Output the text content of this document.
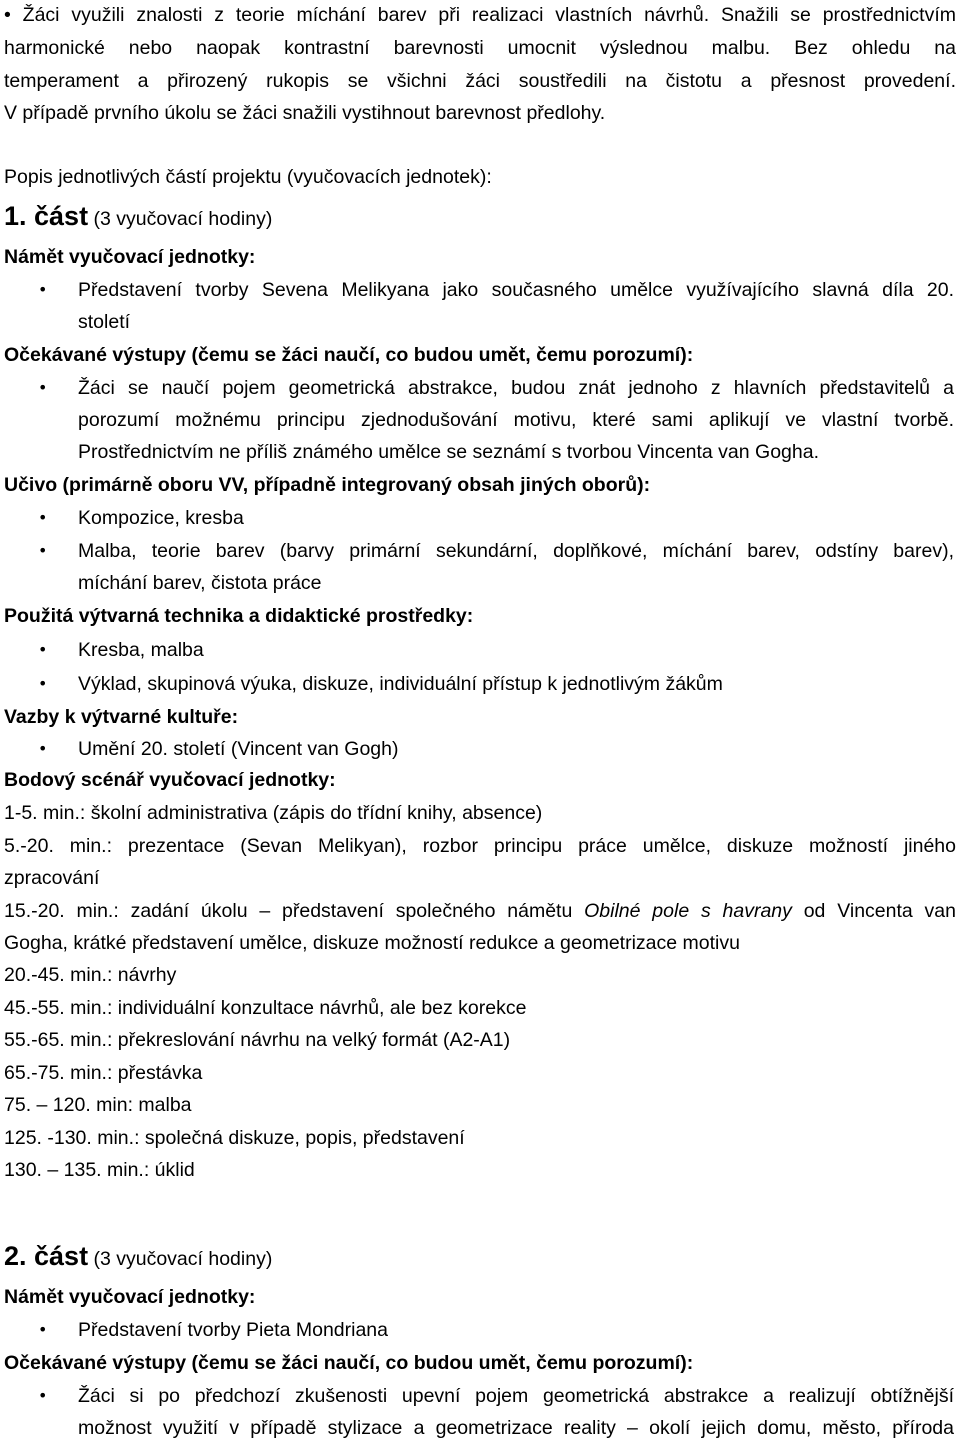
• Žáci využili znalosti z teorie míchání barev při realizaci vlastních návrhů. Snažili se prostřednictvím
harmonické nebo naopak kontrastní barevnosti umocnit výslednou malbu. Bez ohledu na
temperament a přirozený rukopis se všichni žáci soustředili na čistotu a přesnost provedení.
V případě prvního úkolu se žáci snažili vystihnout barevnost předlohy.
Popis jednotlivých částí projektu (vyučovacích jednotek):
1. část (3 vyučovací hodiny)
Námět vyučovací jednotky:
• Představení tvorby Sevena Melikyana jako současného umělce využívajícího slavná díla 20.
století
Očekávané výstupy (čemu se žáci naučí, co budou umět, čemu porozumí):
• Žáci se naučí pojem geometrická abstrakce, budou znát jednoho z hlavních představitelů a
porozumí možnému principu zjednodušování motivu, které sami aplikují ve vlastní tvorbě.
Prostřednictvím ne příliš známého umělce se seznámí s tvorbou Vincenta van Gogha.
Učivo (primárně oboru VV, případně integrovaný obsah jiných oborů):
• Kompozice, kresba
• Malba, teorie barev (barvy primární sekundární, doplňkové, míchání barev, odstíny barev),
míchání barev, čistota práce
Použitá výtvarná technika a didaktické prostředky:
• Kresba, malba
• Výklad, skupinová výuka, diskuze, individuální přístup k jednotlivým žákům
Vazby k výtvarné kultuře:
• Umění 20. století (Vincent van Gogh)
Bodový scénář vyučovací jednotky:
1-5. min.: školní administrativa (zápis do třídní knihy, absence)
5.-20. min.: prezentace (Sevan Melikyan), rozbor principu práce umělce, diskuze možností jiného
zpracování
15.-20. min.: zadání úkolu – představení společného námětu Obilné pole s havrany od Vincenta van
Gogha, krátké představení umělce, diskuze možností redukce a geometrizace motivu
20.-45. min.: návrhy
45.-55. min.: individuální konzultace návrhů, ale bez korekce
55.-65. min.: překreslování návrhu na velký formát (A2-A1)
65.-75. min.: přestávka
75. – 120. min: malba
125. -130. min.: společná diskuze, popis, představení
130. – 135. min.: úklid
2. část (3 vyučovací hodiny)
Námět vyučovací jednotky:
• Představení tvorby Pieta Mondriana
Očekávané výstupy (čemu se žáci naučí, co budou umět, čemu porozumí):
• Žáci si po předchozí zkušenosti upevní pojem geometrická abstrakce a realizují obtížnější
možnost využití v případě stylizace a geometrizace reality – okolí jejich domu, město, příroda
